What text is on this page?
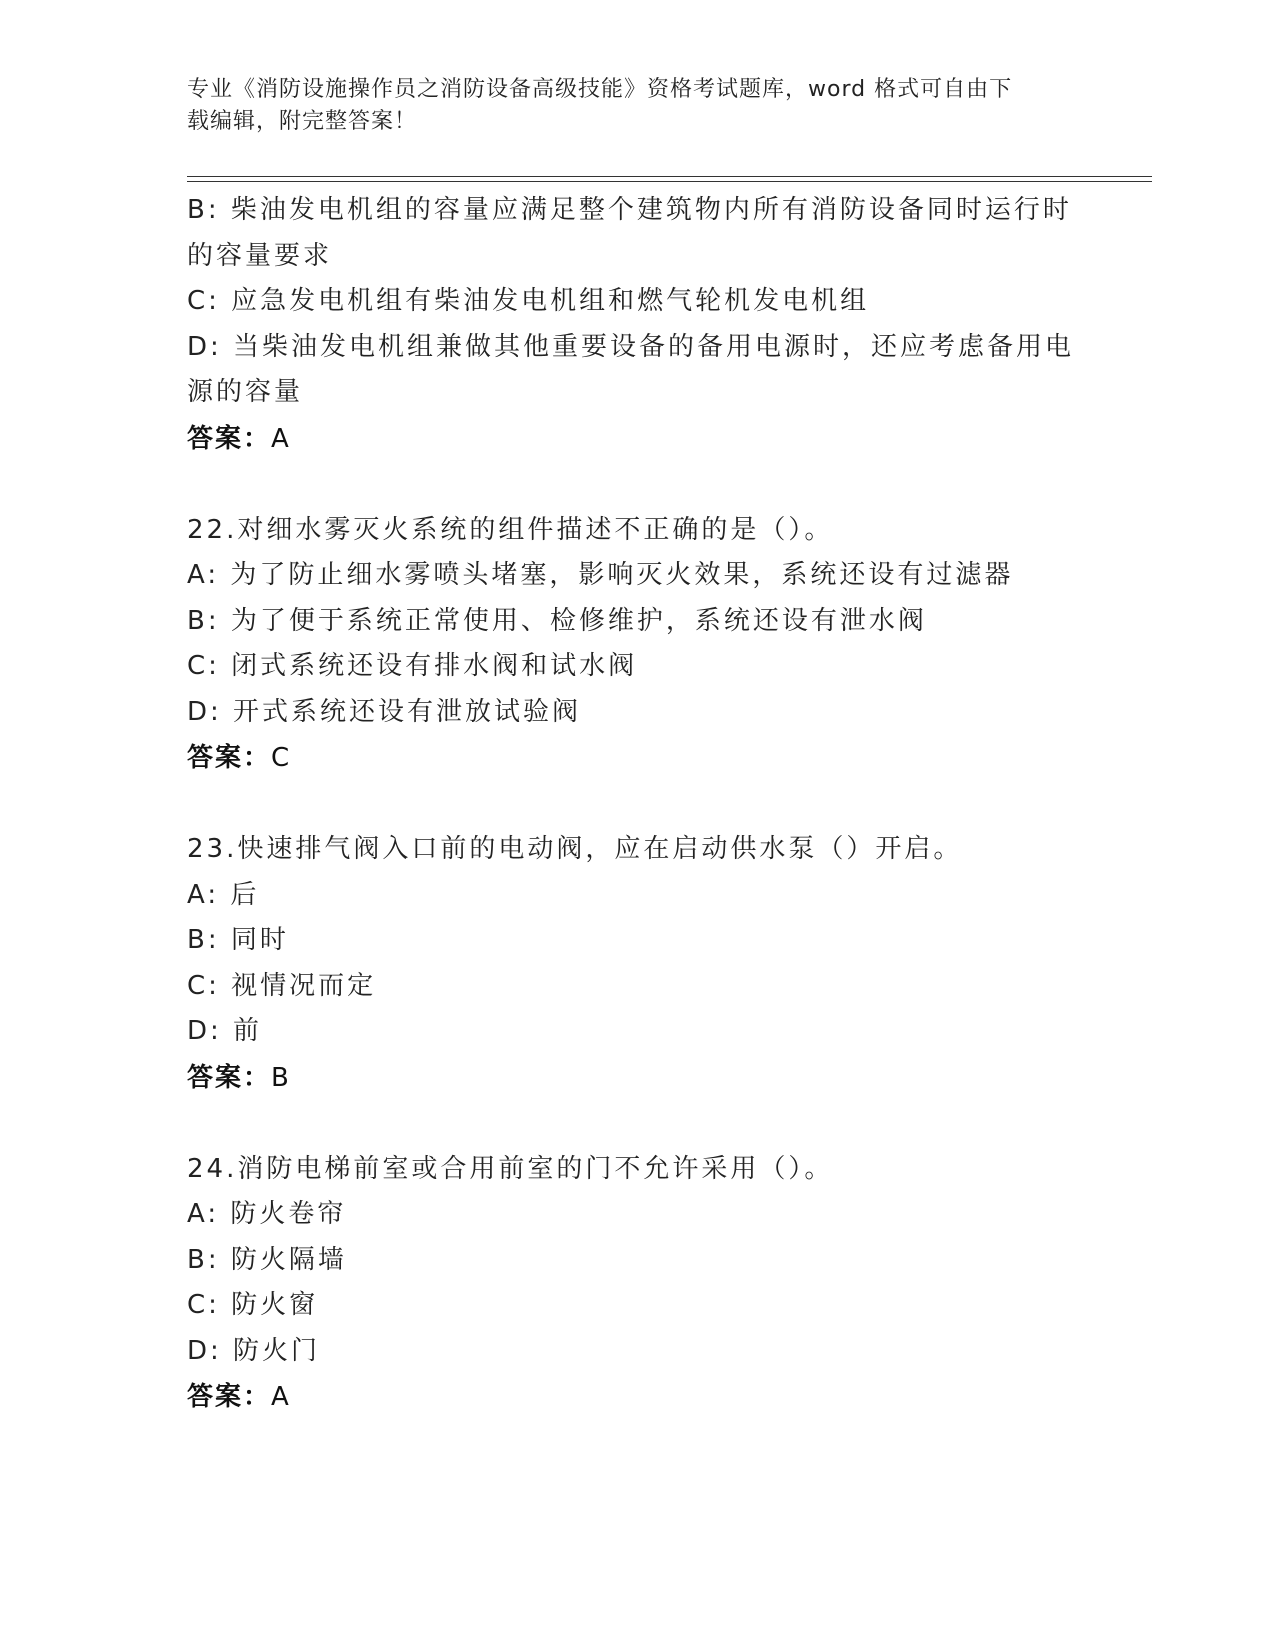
专业《消防设施操作员之消防设备高级技能》资格考试题库，word 格式可自由下
载编辑，附完整答案！
B: 柴油发电机组的容量应满足整个建筑物内所有消防设备同时运行时
的容量要求
C: 应急发电机组有柴油发电机组和燃气轮机发电机组
D: 当柴油发电机组兼做其他重要设备的备用电源时，还应考虑备用电
源的容量
答案：A
22.对细水雾灭火系统的组件描述不正确的是（）。
A: 为了防止细水雾喷头堵塞，影响灭火效果，系统还设有过滤器
B: 为了便于系统正常使用、检修维护，系统还设有泄水阀
C: 闭式系统还设有排水阀和试水阀
D: 开式系统还设有泄放试验阀
答案：C
23.快速排气阀入口前的电动阀，应在启动供水泵（）开启。
A: 后
B: 同时
C: 视情况而定
D: 前
答案：B
24.消防电梯前室或合用前室的门不允许采用（）。
A: 防火卷帘
B: 防火隔墙
C: 防火窗
D: 防火门
答案：A
